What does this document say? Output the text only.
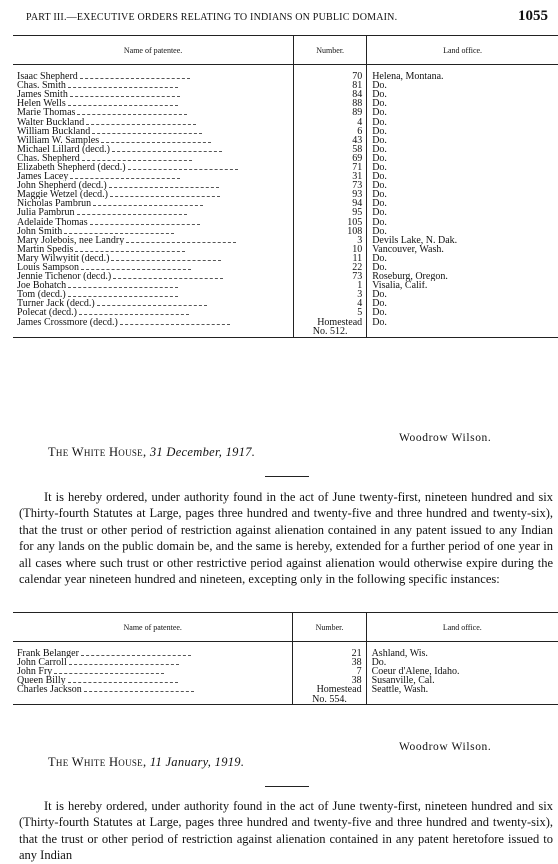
PART III.—EXECUTIVE ORDERS RELATING TO INDIANS ON PUBLIC DOMAIN.	1055
Name of patentee.	Number.	Land office.

Isaac Shepherd	70	Helena, Montana.

Chas. Smith	81	Do.

James Smith	84	Do.

Helen Wells	88	Do.

Marie Thomas	89	Do.

Walter Buckland	4	Do.

William Buckland	6	Do.

William W. Samples	43	Do.

Michael Lillard (decd.)	58	Do.

Chas. Shepherd	69	Do.

Elizabeth Shepherd (decd.)	71	Do.

James Lacey	31	Do.

John Shepherd (decd.)	73	Do.

Maggie Wetzel (decd.)	93	Do.

Nicholas Pambrun	94	Do.

Julia Pambrun	95	Do.

Adelaide Thomas	105	Do.

John Smith	108	Do.

Mary Jolebois, nee Landry	3	Devils Lake, N. Dak.

Martin Spedis	10	Vancouver, Wash.

Mary Wilwyitit (decd.)	11	Do.

Louis Sampson	22	Do.

Jennie Tichenor (decd.)	73	Roseburg, Oregon.

Joe Bohatch	1	Visalia, Calif.

Tom (decd.)	3	Do.

Turner Jack (decd.)	4	Do.

Polecat (decd.)	5	Do.

James Crossmore (decd.)	Homestead	Do.
	No. 512.	
Woodrow Wilson.
The White House, 31 December, 1917.

It is hereby ordered, under authority found in the act of June twenty-first, nineteen hundred and six (Thirty-fourth Statutes at Large, pages three hundred and twenty-five and three hundred and twenty-six), that the trust or other period of restriction against alienation contained in any patent issued to any Indian for any lands on the public domain be, and the same is hereby, extended for a further period of one year in all cases where such trust or other restrictive period against alienation would otherwise expire during the calendar year nineteen hundred and nineteen, excepting only in the following specific instances:

Name of patentee.	Number.	Land office.

Frank Belanger	21	Ashland, Wis.

John Carroll	38	Do.

John Fry	7	Coeur d'Alene, Idaho.

Queen Billy	38	Susanville, Cal.

Charles Jackson	Homestead	Seattle, Wash.
	No. 554.	
Woodrow Wilson.
The White House, 11 January, 1919.

It is hereby ordered, under authority found in the act of June twenty-first, nineteen hundred and six (Thirty-fourth Statutes at Large, pages three hundred and twenty-five and three hundred and twenty-six), that the trust or other period of restriction against alienation contained in any patent heretofore issued to any Indian
